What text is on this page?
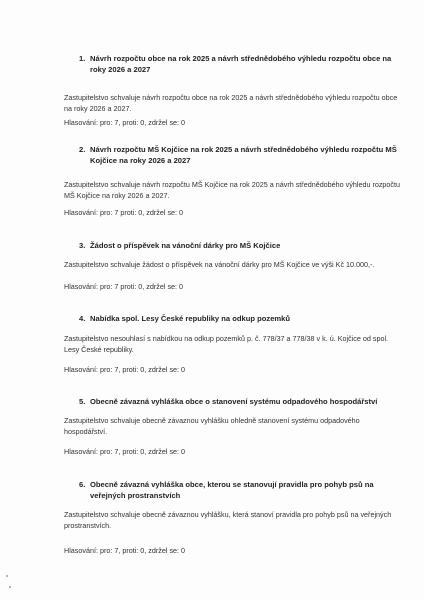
1. Návrh rozpočtu obce na rok 2025 a návrh střednědobého výhledu rozpočtu obce na roky 2026 a 2027
Zastupitelstvo schvaluje návrh rozpočtu obce na rok 2025 a návrh střednědobého výhledu rozpočtu obce na roky 2026 a 2027.
Hlasování: pro: 7, proti: 0, zdržel se: 0
2. Návrh rozpočtu MŠ Kojčice na rok 2025 a návrh střednědobého výhledu rozpočtu MŠ Kojčice na roky 2026 a 2027
Zastupitelstvo schvaluje návrh rozpočtu MŠ Kojčice na rok 2025 a návrh střednědobého výhledu rozpočtu MŠ Kojčice na roky 2026 a 2027.
Hlasování: pro: 7 proti: 0, zdržel se: 0
3. Žádost o příspěvek na vánoční dárky pro MŠ Kojčice
Zastupitelstvo schvaluje žádost o příspěvek na vánoční dárky pro MŠ Kojčice ve výši Kč 10.000,-.
Hlasování: pro: 7 proti: 0, zdržel se: 0
4. Nabídka spol. Lesy České republiky na odkup pozemků
Zastupitelstvo nesouhlasí s nabídkou na odkup pozemků p. č. 778/37 a 778/38 v k. ú. Kojčice od spol. Lesy České republiky.
Hlasování: pro: 7, proti: 0, zdržel se: 0
5. Obecně závazná vyhláška obce o stanovení systému odpadového hospodářství
Zastupitelstvo schvaluje obecně závaznou vyhlášku ohledně stanovení systému odpadového hospodářství.
Hlasování: pro: 7, proti: 0, zdržel se: 0
6. Obecně závazná vyhláška obce, kterou se stanovují pravidla pro pohyb psů na veřejných prostranstvích
Zastupitelstvo schvaluje obecně závaznou vyhlášku, která stanoví pravidla pro pohyb psů na veřejných prostranstvích.
Hlasování: pro: 7, proti: 0, zdržel se: 0
